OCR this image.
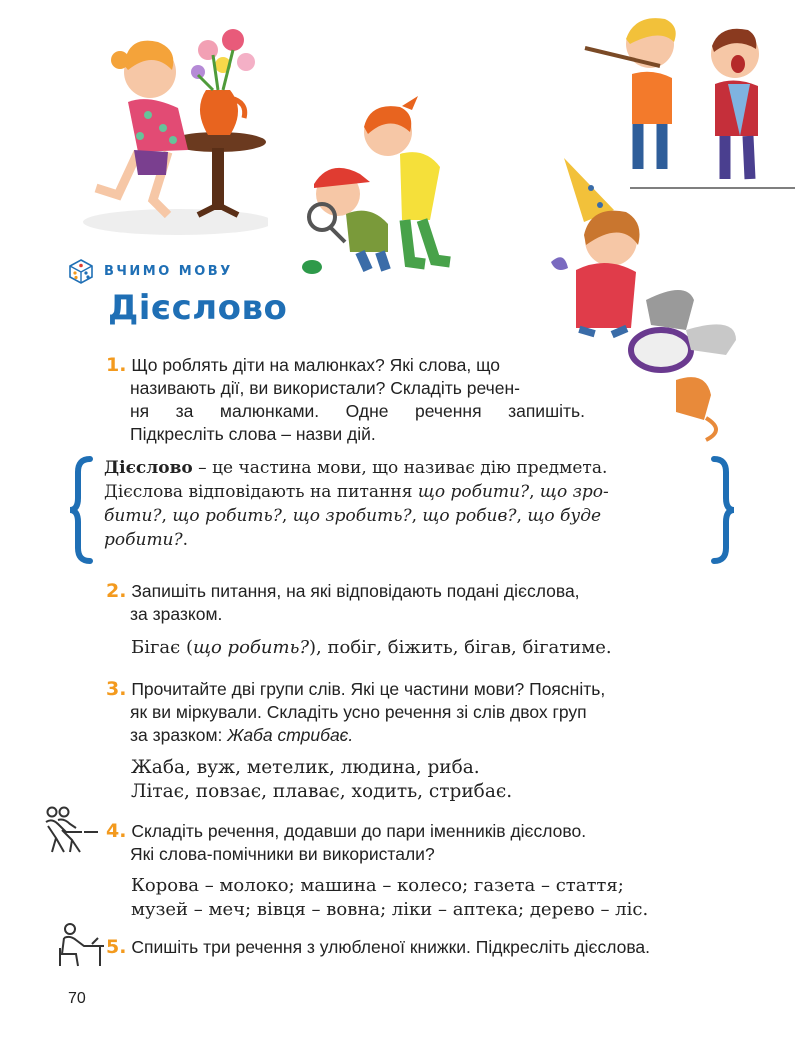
ВЧИМО МОВУ
Дієслово
1. Що роблять діти на малюнках? Які слова, що
називають дії, ви використали? Складіть речен-
ня за малюнками. Одне речення запишіть.
Підкресліть слова – назви дій.
Дієслово – це частина мови, що називає дію предмета.
Дієслова відповідають на питання що робити?, що зро-
бити?, що робить?, що зробить?, що робив?, що буде
робити?.
2. Запишіть питання, на які відповідають подані дієслова,
за зразком.
Бігає (що робить?), побіг, біжить, бігав, бігатиме.
3. Прочитайте дві групи слів. Які це частини мови? Поясніть,
як ви міркували. Складіть усно речення зі слів двох груп
за зразком: Жаба стрибає.
Жаба, вуж, метелик, людина, риба.
Літає, повзає, плаває, ходить, стрибає.
4. Складіть речення, додавши до пари іменників дієслово.
Які слова-помічники ви використали?
Корова – молоко; машина – колесо; газета – стаття;
музей – меч; вівця – вовна; ліки – аптека; дерево – ліс.
5. Спишіть три речення з улюбленої книжки. Підкресліть дієслова.
70
